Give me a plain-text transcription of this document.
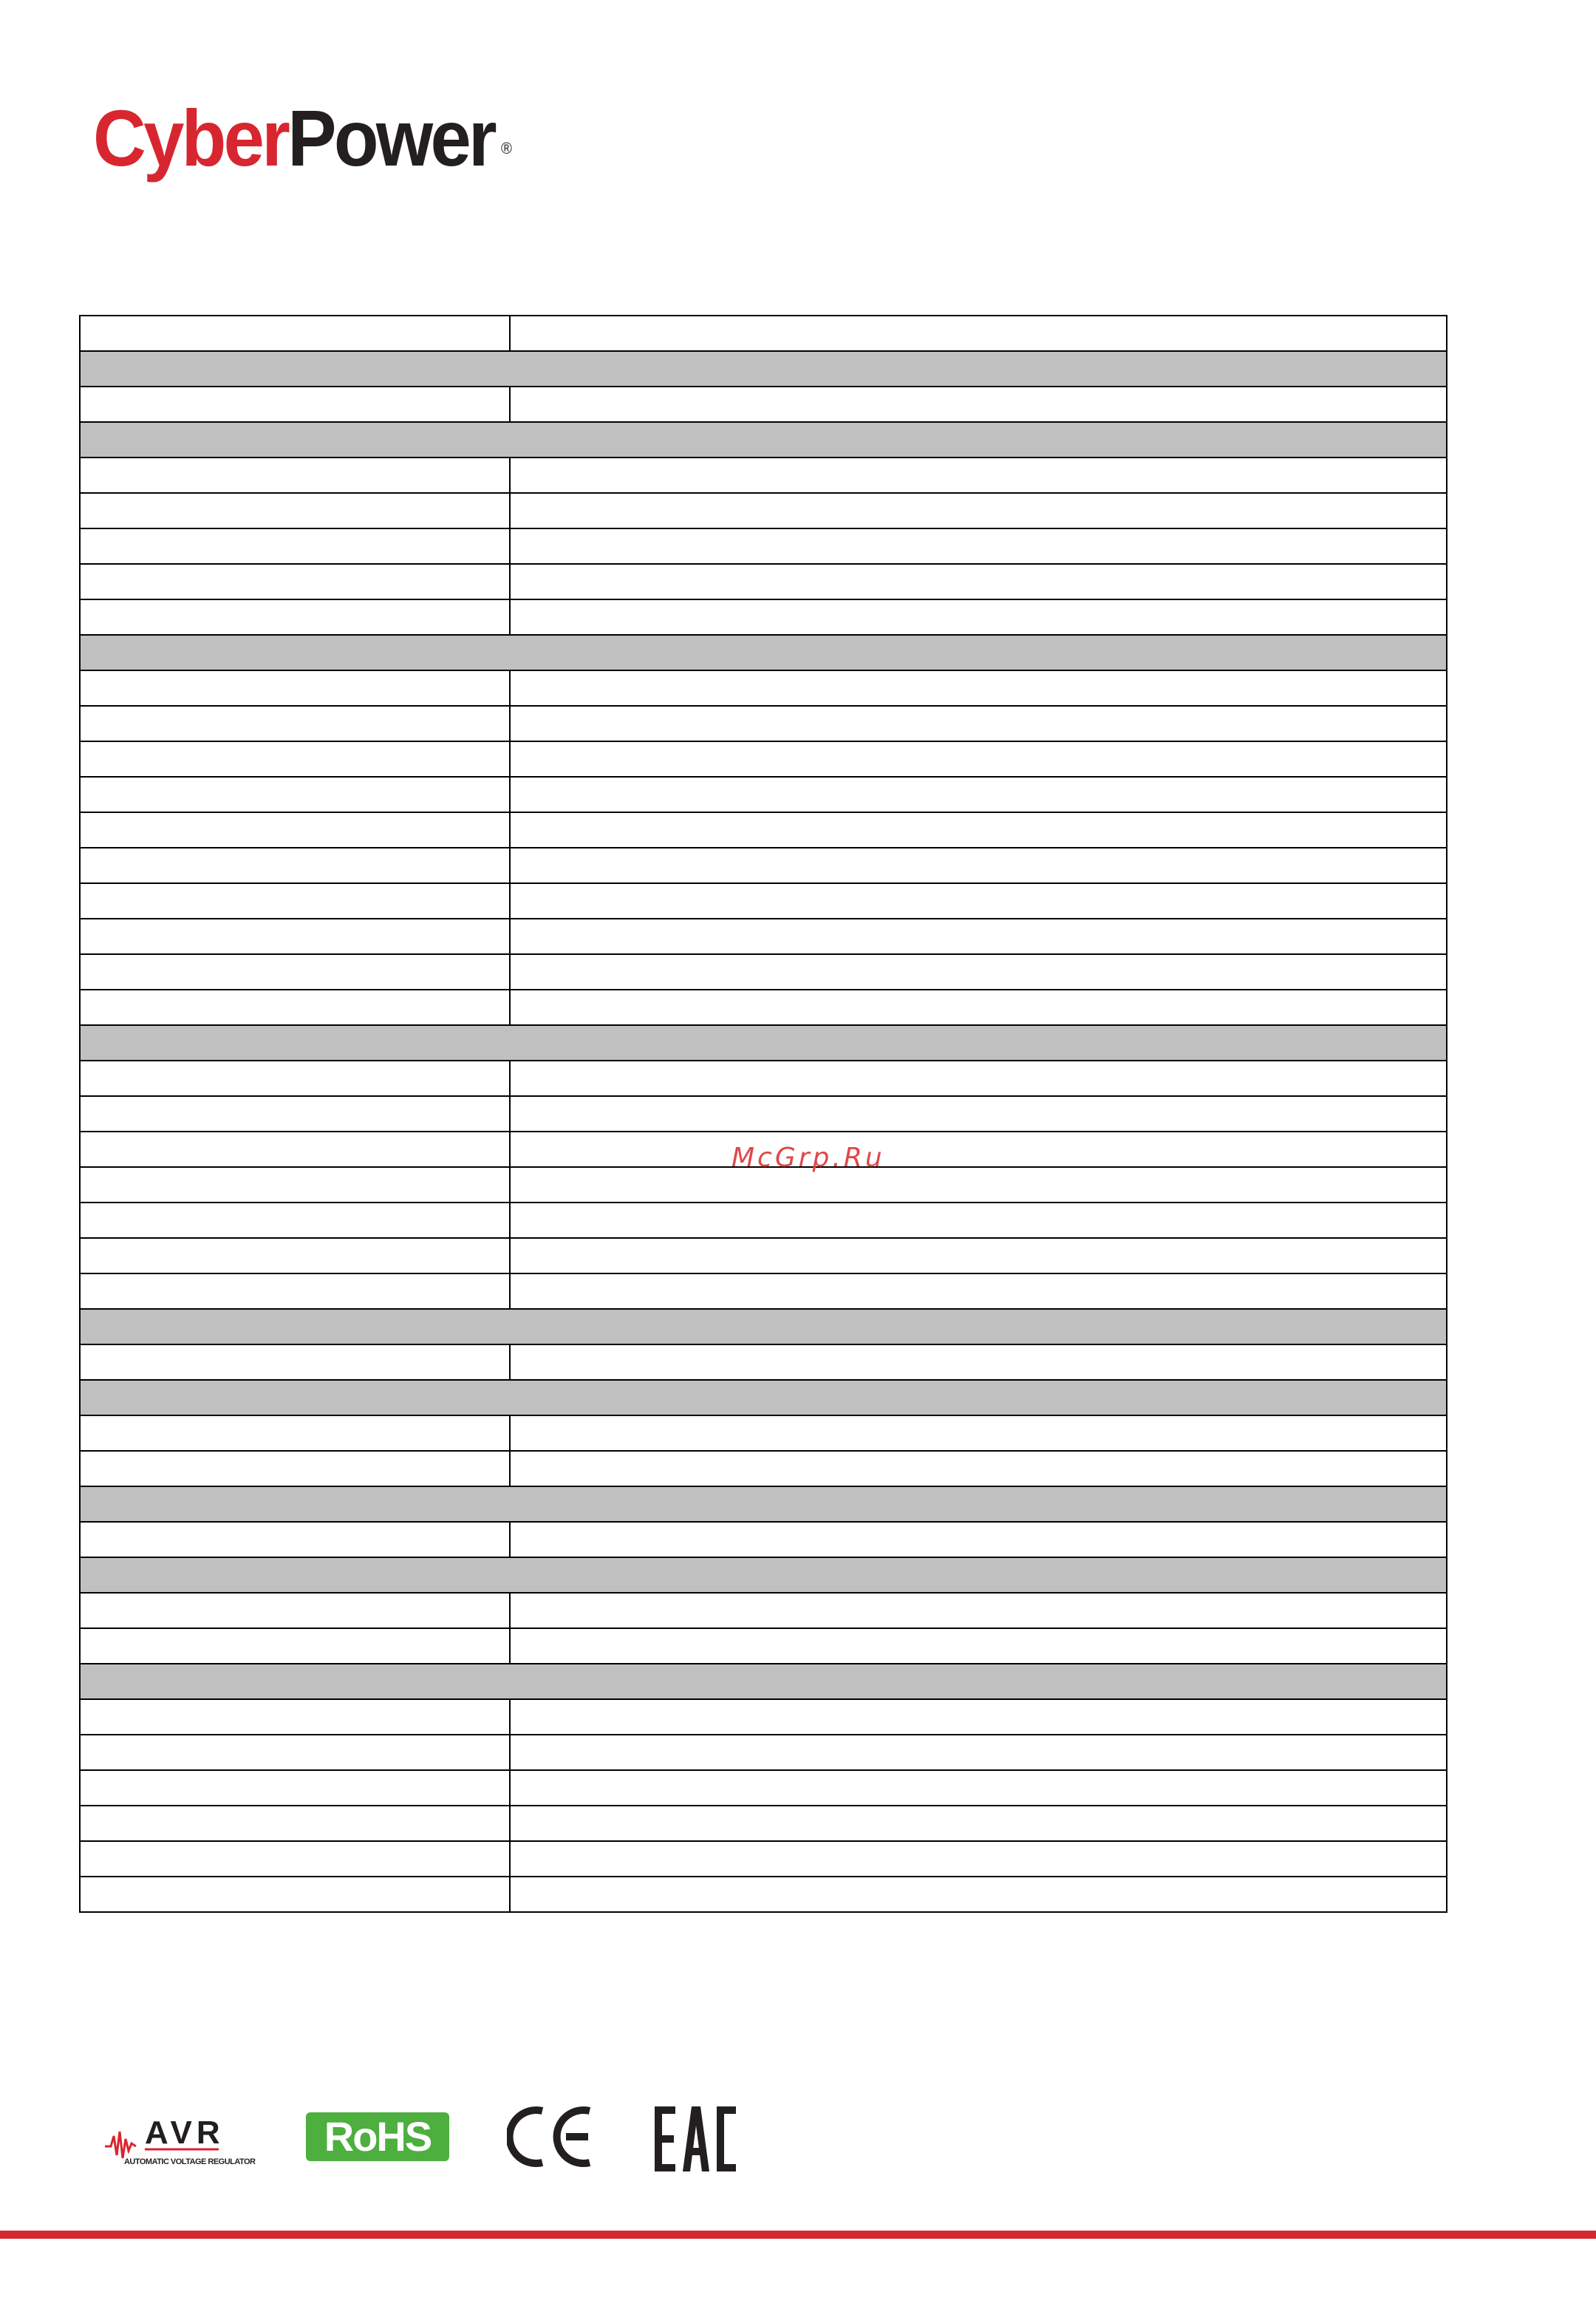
CyberPower ®

McGrp.Ru
AVR
AUTOMATIC VOLTAGE REGULATOR
RoHS
